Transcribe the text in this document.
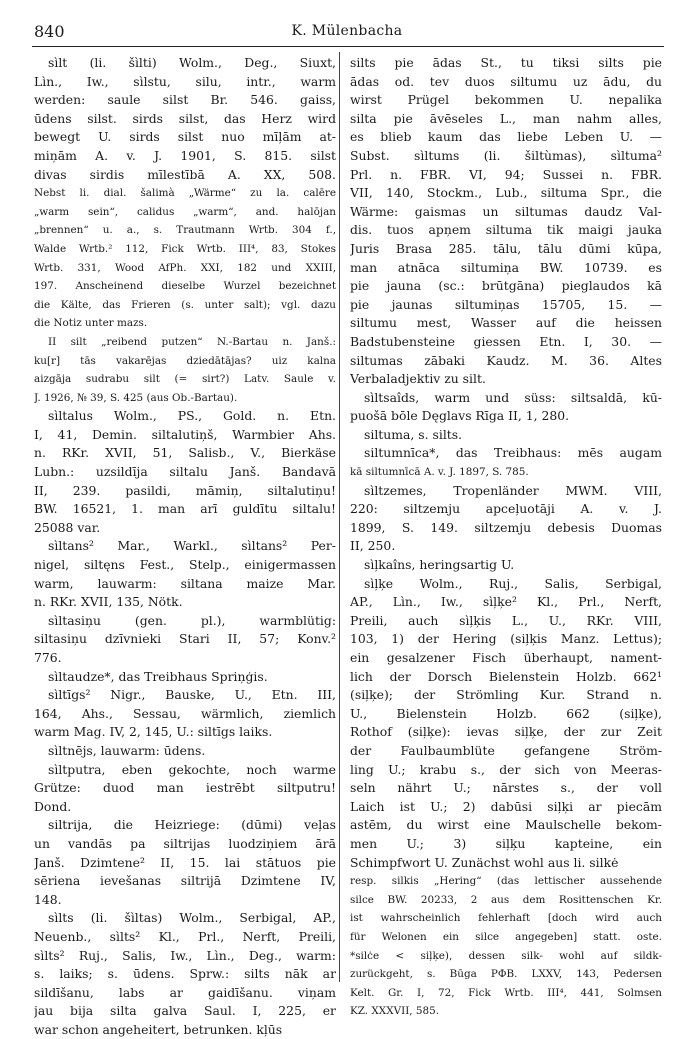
840	K. Mülenbacha
sìlt (li. šìlti) Wolm., Deg., Siuxt,
Lìn., Iw., sìlstu, silu, intr., warm
werden: saule silst Br. 546. gaiss,
ūdens silst. sirds silst, das Herz wird
bewegt U. sirds silst nuo mīļām at-
miņām A. v. J. 1901, S. 815. silst
divas sirdis mīlestībā A. XX, 508.
Nebst li. dial. šalimà „Wärme“ zu la. calēre
„warm sein“, calidus „warm“, and. halōjan
„brennen“ u. a., s. Trautmann Wrtb. 304 f.,
Walde Wrtb.² 112, Fick Wrtb. III⁴, 83, Stokes
Wrtb. 331, Wood AfPh. XXI, 182 und XXIII,
197. Anscheinend dieselbe Wurzel bezeichnet
die Kälte, das Frieren (s. unter salt); vgl. dazu
die Notiz unter mazs.
II silt „reibend putzen“ N.-Bartau n. Janš.:
ku[r] tās vakarējas dziedātājas? uiz kalna
aizgāja sudrabu silt (= sirt?) Latv. Saule v.
J. 1926, № 39, S. 425 (aus Ob.-Bartau).
sìltalus Wolm., PS., Gold. n. Etn.
I, 41, Demin. siltalutiņš, Warmbier Ahs.
n. RKr. XVII, 51, Salisb., V., Bierkäse
Lubn.: uzsildīja siltalu Janš. Bandavā
II, 239. pasildi, māmiņ, siltalutiņu!
BW. 16521, 1. man arī guldītu siltalu!
25088 var.
sìltans² Mar., Warkl., sìltans² Per-
nigel, siltęns Fest., Stelp., einigermassen
warm, lauwarm: siltana maize Mar.
n. RKr. XVII, 135, Nötk.
sìltasiņu (gen. pl.), warmblütig:
siltasiņu dzīvnieki Stari II, 57; Konv.²
776.
sìltaudze*, das Treibhaus Spriņģis.
sìltīgs² Nigr., Bauske, U., Etn. III,
164, Ahs., Sessau, wärmlich, ziemlich
warm Mag. IV, 2, 145, U.: siltīgs laiks.
sìltnējs, lauwarm: ūdens.
sìltputra, eben gekochte, noch warme
Grütze: duod man iestrēbt siltputru!
Dond.
siltrija, die Heizriege: (dūmi) veļas
un vandās pa siltrijas luodziņiem ārā
Janš. Dzimtene² II, 15. lai stātuos pie
sēriena ievešanas siltrijā Dzimtene IV,
148.
sìlts (li. šìltas) Wolm., Serbigal, AP.,
Neuenb., sìlts² Kl., Prl., Nerft, Preili,
sìlts² Ruj., Salis, Iw., Lìn., Deg., warm:
s. laiks; s. ūdens. Sprw.: silts nāk ar
sildīšanu, labs ar gaidīšanu. viņam
jau bija silta galva Saul. I, 225, er
war schon angeheitert, betrunken. kļūs
silts pie ādas St., tu tiksi silts pie
ādas od. tev duos siltumu uz ādu, du
wirst Prügel bekommen U. nepalika
silta pie āvēseles L., man nahm alles,
es blieb kaum das liebe Leben U. —
Subst. sìltums (li. šiltùmas), sìltuma²
Prl. n. FBR. VI, 94; Sussei n. FBR.
VII, 140, Stockm., Lub., siltuma Spr., die
Wärme: gaismas un siltumas daudz Val-
dis. tuos apņem siltuma tik maigi jauka
Juris Brasa 285. tālu, tālu dūmi kūpa,
man atnāca siltumiņa BW. 10739. es
pie jauna (sc.: brūtgāna) pieglaudos kā
pie jaunas siltumiņas 15705, 15. —
siltumu mest, Wasser auf die heissen
Badstubensteine giessen Etn. I, 30. —
siltumas zābaki Kaudz. M. 36. Altes
Verbaladjektiv zu silt.
sìltsaîds, warm und süss: siltsaldā, kū-
puošā bōle Dęglavs Rīga II, 1, 280.
siltuma, s. silts.
siltumnīca*, das Treibhaus: mēs augam
kā siltumnīcā A. v. J. 1897, S. 785.
sìltzemes, Tropenländer MWM. VIII,
220: siltzemju apceļuotāji A. v. J.
1899, S. 149. siltzemju debesis Duomas
II, 250.
sìļkaîns, heringsartig U.
sìļķe Wolm., Ruj., Salis, Serbigal,
AP., Lìn., Iw., sìļķe² Kl., Prl., Nerft,
Preili, auch sìļķis L., U., RKr. VIII,
103, 1) der Hering (siļķis Manz. Lettus);
ein gesalzener Fisch überhaupt, nament-
lich der Dorsch Bielenstein Holzb. 662¹
(siļķe); der Strömling Kur. Strand n.
U., Bielenstein Holzb. 662 (siļķe),
Rothof (siļķe): ievas siļķe, der zur Zeit
der Faulbaumblüte gefangene Ström-
ling U.; krabu s., der sich von Meeras-
seln nährt U.; nārstes s., der voll
Laich ist U.; 2) dabūsi siļķi ar piecām
astēm, du wirst eine Maulschelle bekom-
men U.; 3) siļķu kapteine, ein
Schimpfwort U. Zunächst wohl aus li. silkė
resp. silkis „Hering“ (das lettischer aussehende
silce BW. 20233, 2 aus dem Rosittenschen Kr.
ist wahrscheinlich fehlerhaft [doch wird auch
für Welonen ein silce angegeben] statt. oste.
*silċe < siļķe), dessen silk- wohl auf sildk-
zurückgeht, s. Būga РФВ. LXXV, 143, Pedersen
Kelt. Gr. I, 72, Fick Wrtb. III⁴, 441, Solmsen
KZ. XXXVII, 585.
